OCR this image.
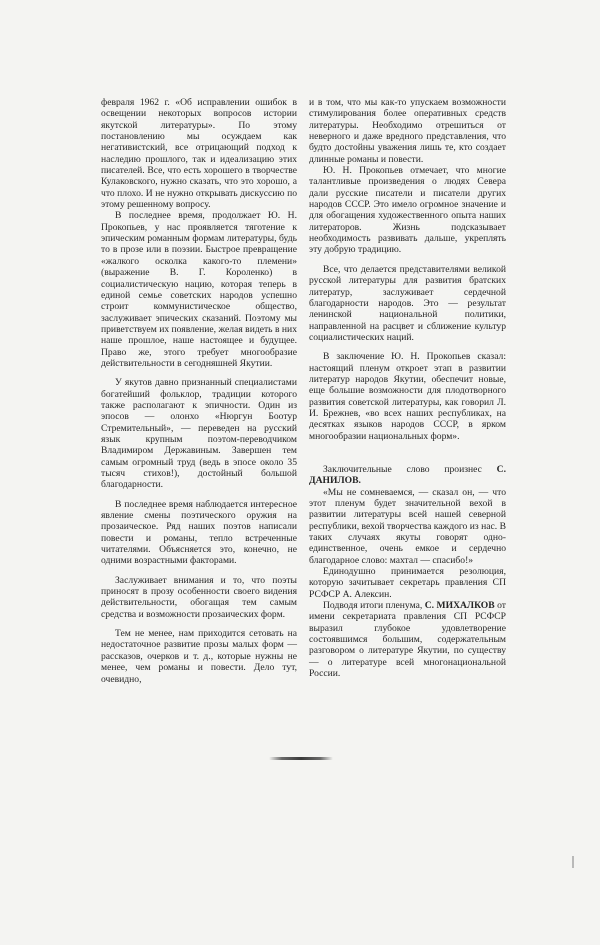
февраля 1962 г. «Об исправлении ошибок в освещении некоторых вопросов истории якутской литературы». По этому постановлению мы осуждаем как негативистский, все отрицающий подход к наследию прошлого, так и идеализацию этих писателей. Все, что есть хорошего в творчестве Кулаковского, нужно сказать, что это хорошо, а что плохо. И не нужно открывать дискуссию по этому решенному вопросу.

В последнее время, продолжает Ю. Н. Прокопьев, у нас проявляется тяготение к эпическим романным формам литературы, будь то в прозе или в поэзии. Быстрое превращение «жалкого осколка какого-то племени» (выражение В. Г. Короленко) в социалистическую нацию, которая теперь в единой семье советских народов успешно строит коммунистическое общество, заслуживает эпических сказаний. Поэтому мы приветствуем их появление, желая видеть в них наше прошлое, наше настоящее и будущее. Право же, этого требует многообразие действительности в сегодняшней Якутии.

У якутов давно признанный специалистами богатейший фольклор, традиции которого также располагают к эпичности. Один из эпосов — олонхо «Нюргун Боотур Стремительный», — переведен на русский язык крупным поэтом-переводчиком Владимиром Державиным. Завершен тем самым огромный труд (ведь в эпосе около 35 тысяч стихов!), достойный большой благодарности.

В последнее время наблюдается интересное явление смены поэтического оружия на прозаическое. Ряд наших поэтов написали повести и романы, тепло встреченные читателями. Объясняется это, конечно, не одними возрастными факторами.

Заслуживает внимания и то, что поэты приносят в прозу особенности своего видения действительности, обогащая тем самым средства и возможности прозаических форм.

Тем не менее, нам приходится сетовать на недостаточное развитие прозы малых форм — рассказов, очерков и т. д., которые нужны не менее, чем романы и повести. Дело тут, очевидно,

и в том, что мы как-то упускаем возможности стимулирования более оперативных средств литературы. Необходимо отрешиться от неверного и даже вредного представления, что будто достойны уважения лишь те, кто создает длинные романы и повести.

Ю. Н. Прокопьев отмечает, что многие талантливые произведения о людях Севера дали русские писатели и писатели других народов СССР. Это имело огромное значение и для обогащения художественного опыта наших литераторов. Жизнь подсказывает необходимость развивать дальше, укреплять эту добрую традицию.

Все, что делается представителями великой русской литературы для развития братских литератур, заслуживает сердечной благодарности народов. Это — результат ленинской национальной политики, направленной на расцвет и сближение культур социалистических наций.

В заключение Ю. Н. Прокопьев сказал: настоящий пленум откроет этап в развитии литератур народов Якутии, обеспечит новые, еще большие возможности для плодотворного развития советской литературы, как говорил Л. И. Брежнев, «во всех наших республиках, на десятках языков народов СССР, в ярком многообразии национальных форм».

Заключительные слово произнес С. ДАНИЛОВ.

«Мы не сомневаемся, — сказал он, — что этот пленум будет значительной вехой в развитии литературы всей нашей северной республики, вехой творчества каждого из нас. В таких случаях якуты говорят одно-единственное, очень емкое и сердечно благодарное слово: махтал — спасибо!»

Единодушно принимается резолюция, которую зачитывает секретарь правления СП РСФСР А. Алексин.

Подводя итоги пленума, С. МИХАЛКОВ от имени секретариата правления СП РСФСР выразил глубокое удовлетворение состоявшимся большим, содержательным разговором о литературе Якутии, по существу — о литературе всей многонациональной России.
